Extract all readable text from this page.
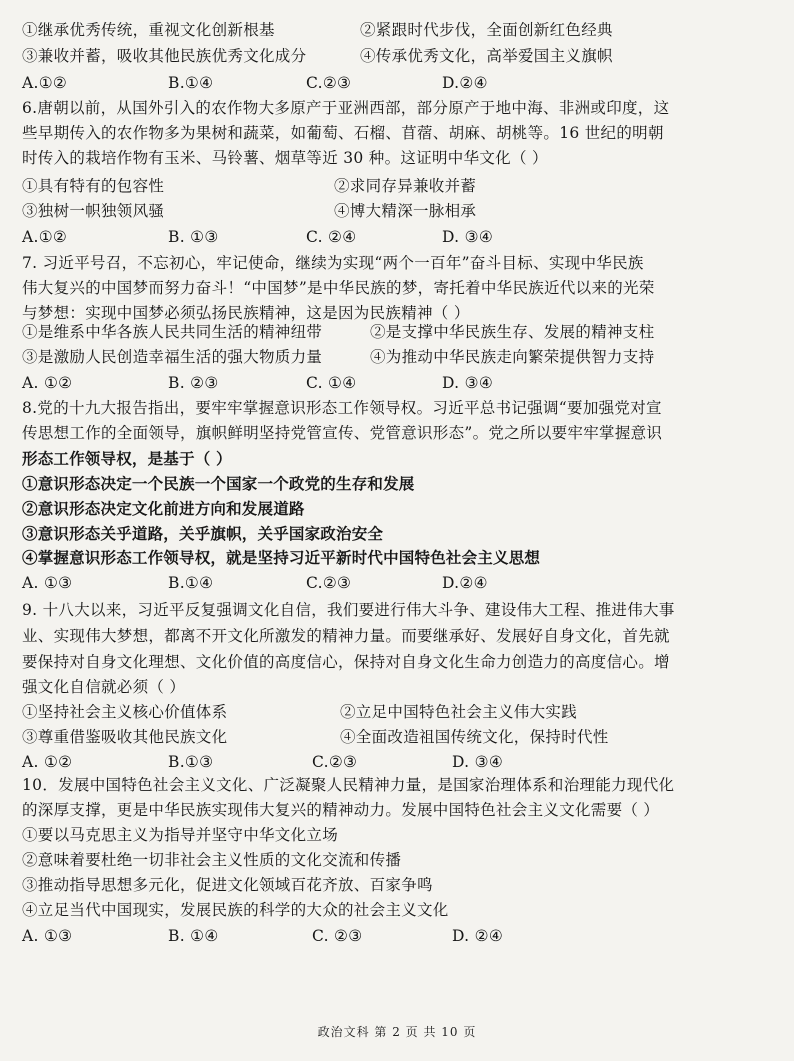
①继承优秀传统，重视文化创新根基	②紧跟时代步伐，全面创新红色经典
③兼收并蓄，吸收其他民族优秀文化成分	④传承优秀文化，高举爱国主义旗帜
A.①②	B.①④	C.②③	D.②④
6.唐朝以前，从国外引入的农作物大多原产于亚洲西部，部分原产于地中海、非洲或印度，这
些早期传入的农作物多为果树和蔬菜，如葡萄、石榴、苜蓿、胡麻、胡桃等。16 世纪的明朝
时传入的栽培作物有玉米、马铃薯、烟草等近 30 种。这证明中华文化（ ）
①具有特有的包容性	②求同存异兼收并蓄
③独树一帜独领风骚	④博大精深一脉相承
A.①②	B. ①③	C. ②④	D. ③④
7. 习近平号召，不忘初心，牢记使命，继续为实现“两个一百年”奋斗目标、实现中华民族
伟大复兴的中国梦而努力奋斗！“中国梦”是中华民族的梦，寄托着中华民族近代以来的光荣
与梦想：实现中国梦必须弘扬民族精神，这是因为民族精神（ ）
①是维系中华各族人民共同生活的精神纽带	②是支撑中华民族生存、发展的精神支柱
③是激励人民创造幸福生活的强大物质力量	④为推动中华民族走向繁荣提供智力支持
A. ①②	B. ②③	C. ①④	D. ③④
8.党的十九大报告指出，要牢牢掌握意识形态工作领导权。习近平总书记强调“要加强党对宣
传思想工作的全面领导，旗帜鲜明坚持党管宣传、党管意识形态”。党之所以要牢牢掌握意识
形态工作领导权，是基于（ ）
①意识形态决定一个民族一个国家一个政党的生存和发展
②意识形态决定文化前进方向和发展道路
③意识形态关乎道路，关乎旗帜，关乎国家政治安全
④掌握意识形态工作领导权，就是坚持习近平新时代中国特色社会主义思想
A. ①③	B.①④	C.②③	D.②④
9. 十八大以来，习近平反复强调文化自信，我们要进行伟大斗争、建设伟大工程、推进伟大事
业、实现伟大梦想，都离不开文化所激发的精神力量。而要继承好、发展好自身文化，首先就
要保持对自身文化理想、文化价值的高度信心，保持对自身文化生命力创造力的高度信心。增
强文化自信就必须（ ）
①坚持社会主义核心价值体系	②立足中国特色社会主义伟大实践
③尊重借鉴吸收其他民族文化	④全面改造祖国传统文化，保持时代性
A. ①②	B.①③	C.②③	D. ③④
10．发展中国特色社会主义文化、广泛凝聚人民精神力量，是国家治理体系和治理能力现代化
的深厚支撑，更是中华民族实现伟大复兴的精神动力。发展中国特色社会主义文化需要（ ）
①要以马克思主义为指导并坚守中华文化立场
②意味着要杜绝一切非社会主义性质的文化交流和传播
③推动指导思想多元化，促进文化领域百花齐放、百家争鸣
④立足当代中国现实，发展民族的科学的大众的社会主义文化
A. ①③	B. ①④	C. ②③	D. ②④
政治文科 第 2 页 共 10 页
